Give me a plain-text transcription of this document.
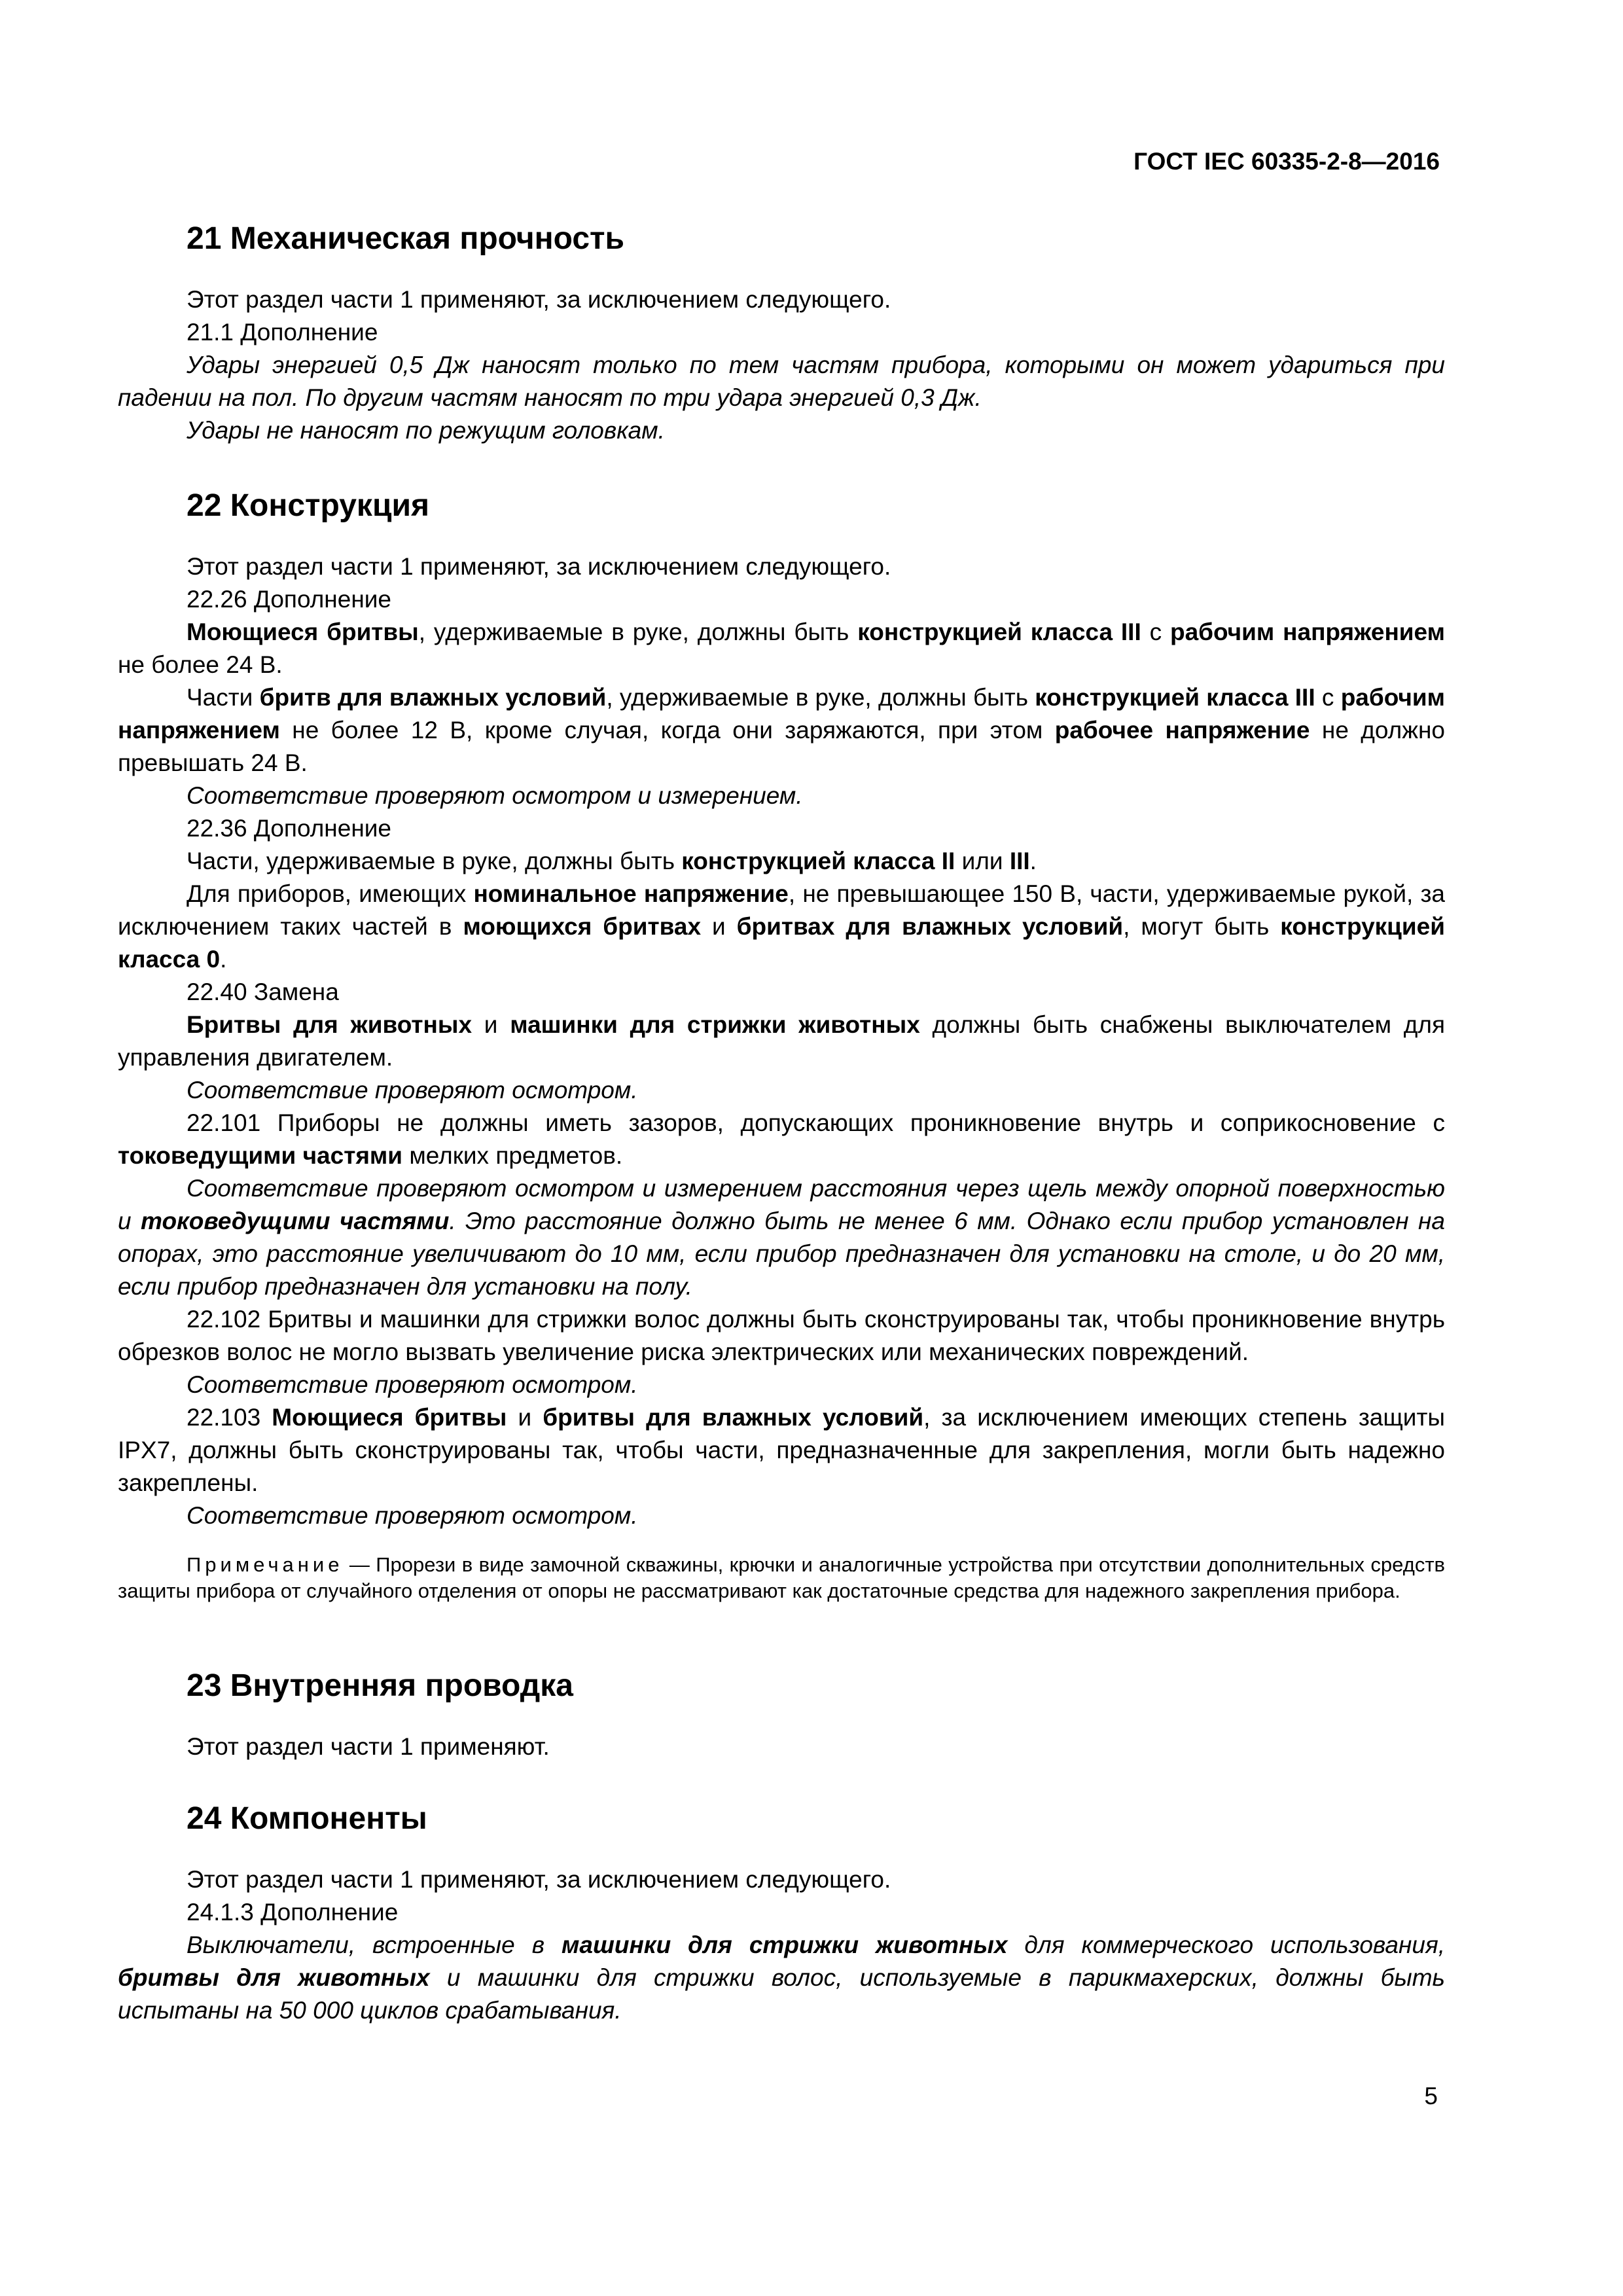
ГОСТ IEC 60335-2-8—2016
21 Механическая прочность

Этот раздел части 1 применяют, за исключением следующего.

21.1 Дополнение

Удары энергией 0,5 Дж наносят только по тем частям прибора, которыми он может удариться при падении на пол. По другим частям наносят по три удара энергией 0,3 Дж.

Удары не наносят по режущим головкам.

22 Конструкция

Этот раздел части 1 применяют, за исключением следующего.

22.26 Дополнение

Моющиеся бритвы, удерживаемые в руке, должны быть конструкцией класса III с рабочим напряжением не более 24 В.

Части бритв для влажных условий, удерживаемые в руке, должны быть конструкцией класса III с рабочим напряжением не более 12 В, кроме случая, когда они заряжаются, при этом рабочее напряжение не должно превышать 24 В.

Соответствие проверяют осмотром и измерением.

22.36 Дополнение

Части, удерживаемые в руке, должны быть конструкцией класса II или III.

Для приборов, имеющих номинальное напряжение, не превышающее 150 В, части, удерживаемые рукой, за исключением таких частей в моющихся бритвах и бритвах для влажных условий, могут быть конструкцией класса 0.

22.40 Замена

Бритвы для животных и машинки для стрижки животных должны быть снабжены выключателем для управления двигателем.

Соответствие проверяют осмотром.

22.101 Приборы не должны иметь зазоров, допускающих проникновение внутрь и соприкосновение с токоведущими частями мелких предметов.

Соответствие проверяют осмотром и измерением расстояния через щель между опорной поверхностью и токоведущими частями. Это расстояние должно быть не менее 6 мм. Однако если прибор установлен на опорах, это расстояние увеличивают до 10 мм, если прибор предназначен для установки на столе, и до 20 мм, если прибор предназначен для установки на полу.

22.102 Бритвы и машинки для стрижки волос должны быть сконструированы так, чтобы проникновение внутрь обрезков волос не могло вызвать увеличение риска электрических или механических повреждений.

Соответствие проверяют осмотром.

22.103 Моющиеся бритвы и бритвы для влажных условий, за исключением имеющих степень защиты IPX7, должны быть сконструированы так, чтобы части, предназначенные для закрепления, могли быть надежно закреплены.

Соответствие проверяют осмотром.

Примечание — Прорези в виде замочной скважины, крючки и аналогичные устройства при отсутствии дополнительных средств защиты прибора от случайного отделения от опоры не рассматривают как достаточные средства для надежного закрепления прибора.
23 Внутренняя проводка

Этот раздел части 1 применяют.

24 Компоненты

Этот раздел части 1 применяют, за исключением следующего.

24.1.3 Дополнение

Выключатели, встроенные в машинки для стрижки животных для коммерческого использования, бритвы для животных и машинки для стрижки волос, используемые в парикмахерских, должны быть испытаны на 50 000 циклов срабатывания.

5
